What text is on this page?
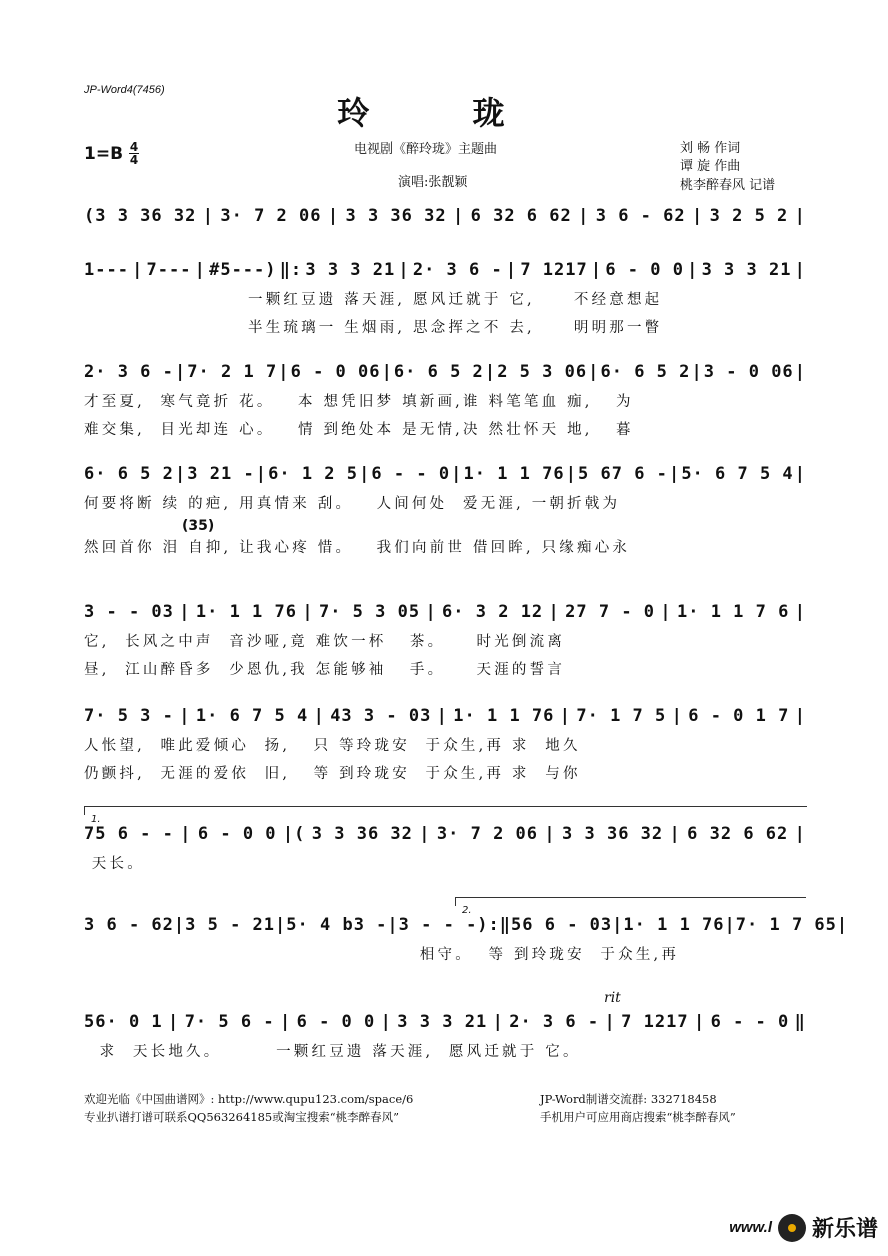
JP-Word4(7456)
玲 珑
$1=B \frac{4}{4}$	电视剧《醉玲珑》主题曲
演唱:张靓颖
刘 畅 作词
谭 旋 作曲
桃李醉春风 记谱
(3 3 36 32 | 3· 7 2 06 | 3 3 36 32 | 6 32 6 62 | 3 6 - 62 | 3 2 5 2 |
1--- | 7--- | #5---) ‖: 3 3 3 21 | 2· 3 6 - | 7 1217 | 6 - 0 0 | 3 3 3 21 |
一颗红豆遗 落天涯, 愿风迁就于 它,     不经意想起
半生琉璃一 生烟雨, 思念挥之不 去,     明明那一瞥
2· 3 6 - | 7· 2 1 7 | 6 - 0 06 | 6· 6 5 2 | 2 5 3 06 | 6· 6 5 2 | 3 - 0 06 |
才至夏,  寒气竟折 花。   本 想凭旧梦 填新画,谁 料笔笔血 痂,   为
难交集,  目光却连 心。   情 到绝处本 是无情,决 然壮怀天 地,   暮
6· 6 5 2 | 3 21 - | 6· 1 2 5 | 6 - - 0 | 1· 1 1 76 | 5 67 6 - | 5· 6 7 5 4 |
(35)
何要将断 续 的疤, 用真情来 刮。   人间何处  爱无涯, 一朝折戟为
然回首你 泪 自抑, 让我心疼 惜。   我们向前世 借回眸, 只缘痴心永
3 - - 03 | 1· 1 1 76 | 7· 5 3 05 | 6· 3 2 12 | 27 7 - 0 | 1· 1 1 7 6 |
它,  长风之中声  音沙哑,竟 难饮一杯   茶。    时光倒流离
昼,  江山醉昏多  少恩仇,我 怎能够袖   手。    天涯的誓言
7· 5 3 - | 1· 6 7 5 4 | 43 3 - 03 | 1· 1 1 76 | 7· 1 7 5 | 6 - 0 1 7 |
人怅望,  唯此爱倾心  扬,   只 等玲珑安  于众生,再 求  地久
仍颤抖,  无涯的爱依  旧,   等 到玲珑安  于众生,再 求  与你
1.
75 6 - - | 6 - 0 0 |( 3 3 36 32 | 3· 7 2 06 | 3 3 36 32 | 6 32 6 62 |
天长。
2.
3 6 - 62 | 3 5 - 21 | 5· 4 b3 - | 3 - - -) :‖ 56 6 - 03 | 1· 1 1 76 | 7· 1 7 65 |
相守。  等 到玲珑安  于众生,再
rit
56· 0 1 | 7· 5 6 - | 6 - 0 0 | 3 3 3 21 | 2· 3 6 - | 7 1217 | 6 - - 0 ‖
求  天长地久。       一颗红豆遗 落天涯,  愿风迁就于 它。
欢迎光临《中国曲谱网》: http://www.qupu123.com/space/6
专业扒谱打谱可联系QQ563264185或淘宝搜索“桃李醉春风”
JP-Word制谱交流群: 332718458
手机用户可应用商店搜索“桃李醉春风”
www.l 新乐谱
